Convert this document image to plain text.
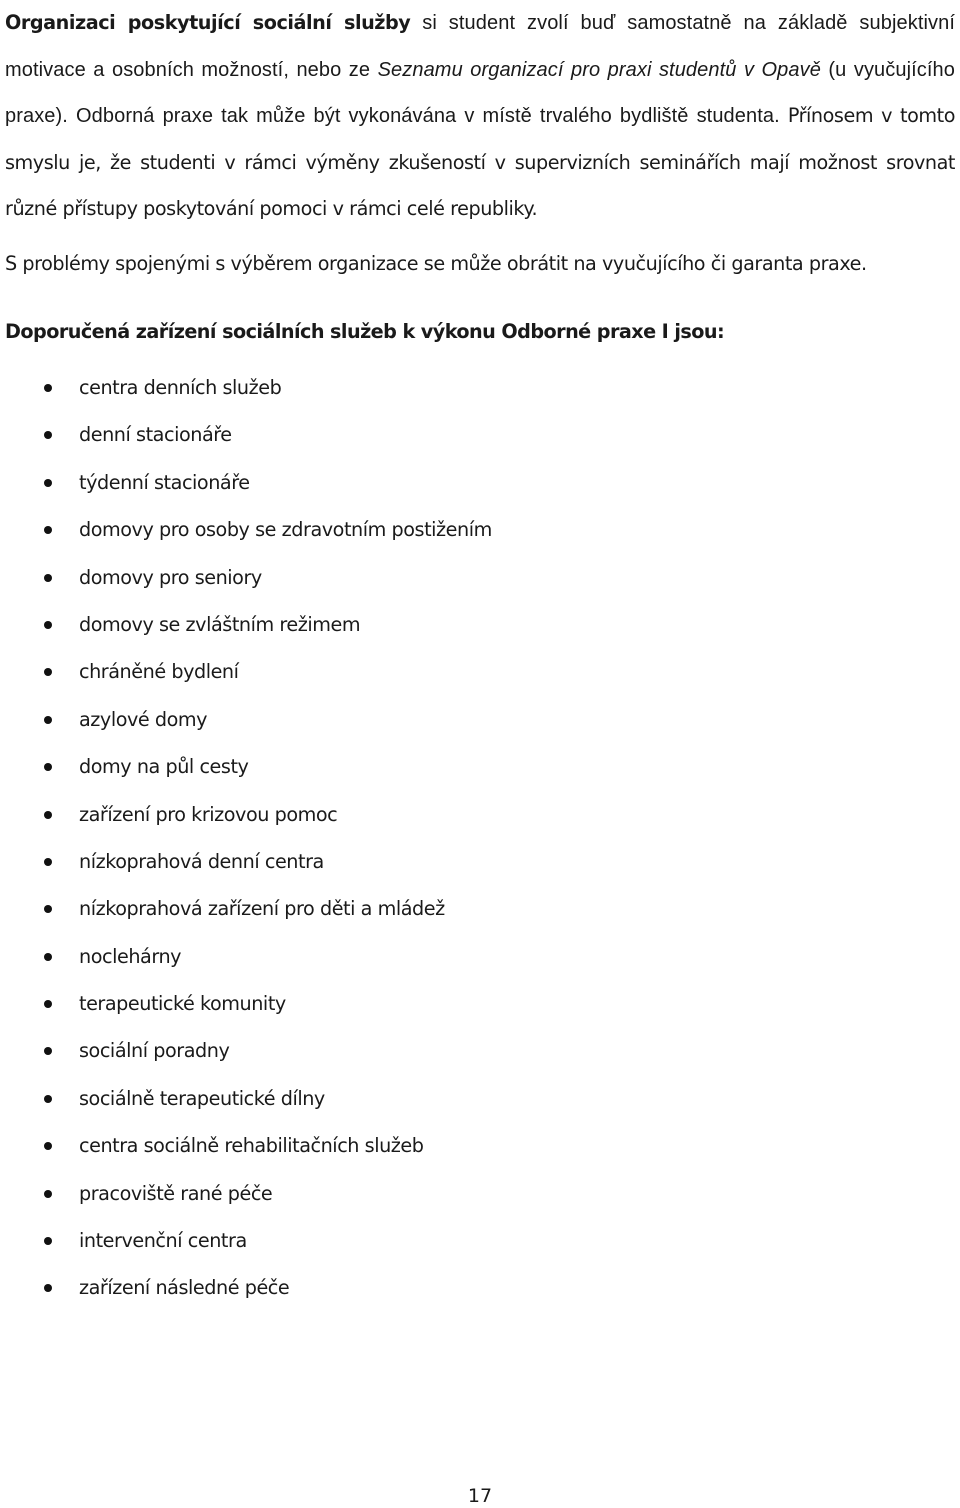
Organizaci poskytující sociální služby si student zvolí buď samostatně na základě subjektivní motivace a osobních možností, nebo ze Seznamu organizací pro praxi studentů v Opavě (u vyučujícího praxe). Odborná praxe tak může být vykonávána v místě trvalého bydliště studenta. Přínosem v tomto smyslu je, že studenti v rámci výměny zkušeností v supervizních seminářích mají možnost srovnat různé přístupy poskytování pomoci v rámci celé republiky.

S problémy spojenými s výběrem organizace se může obrátit na vyučujícího či garanta praxe.

Doporučená zařízení sociálních služeb k výkonu Odborné praxe I jsou:

centra denních služeb
denní stacionáře
týdenní stacionáře
domovy pro osoby se zdravotním postižením
domovy pro seniory
domovy se zvláštním režimem
chráněné bydlení
azylové domy
domy na půl cesty
zařízení pro krizovou pomoc
nízkoprahová denní centra
nízkoprahová zařízení pro děti a mládež
noclehárny
terapeutické komunity
sociální poradny
sociálně terapeutické dílny
centra sociálně rehabilitačních služeb
pracoviště rané péče
intervenční centra
zařízení následné péče
17
